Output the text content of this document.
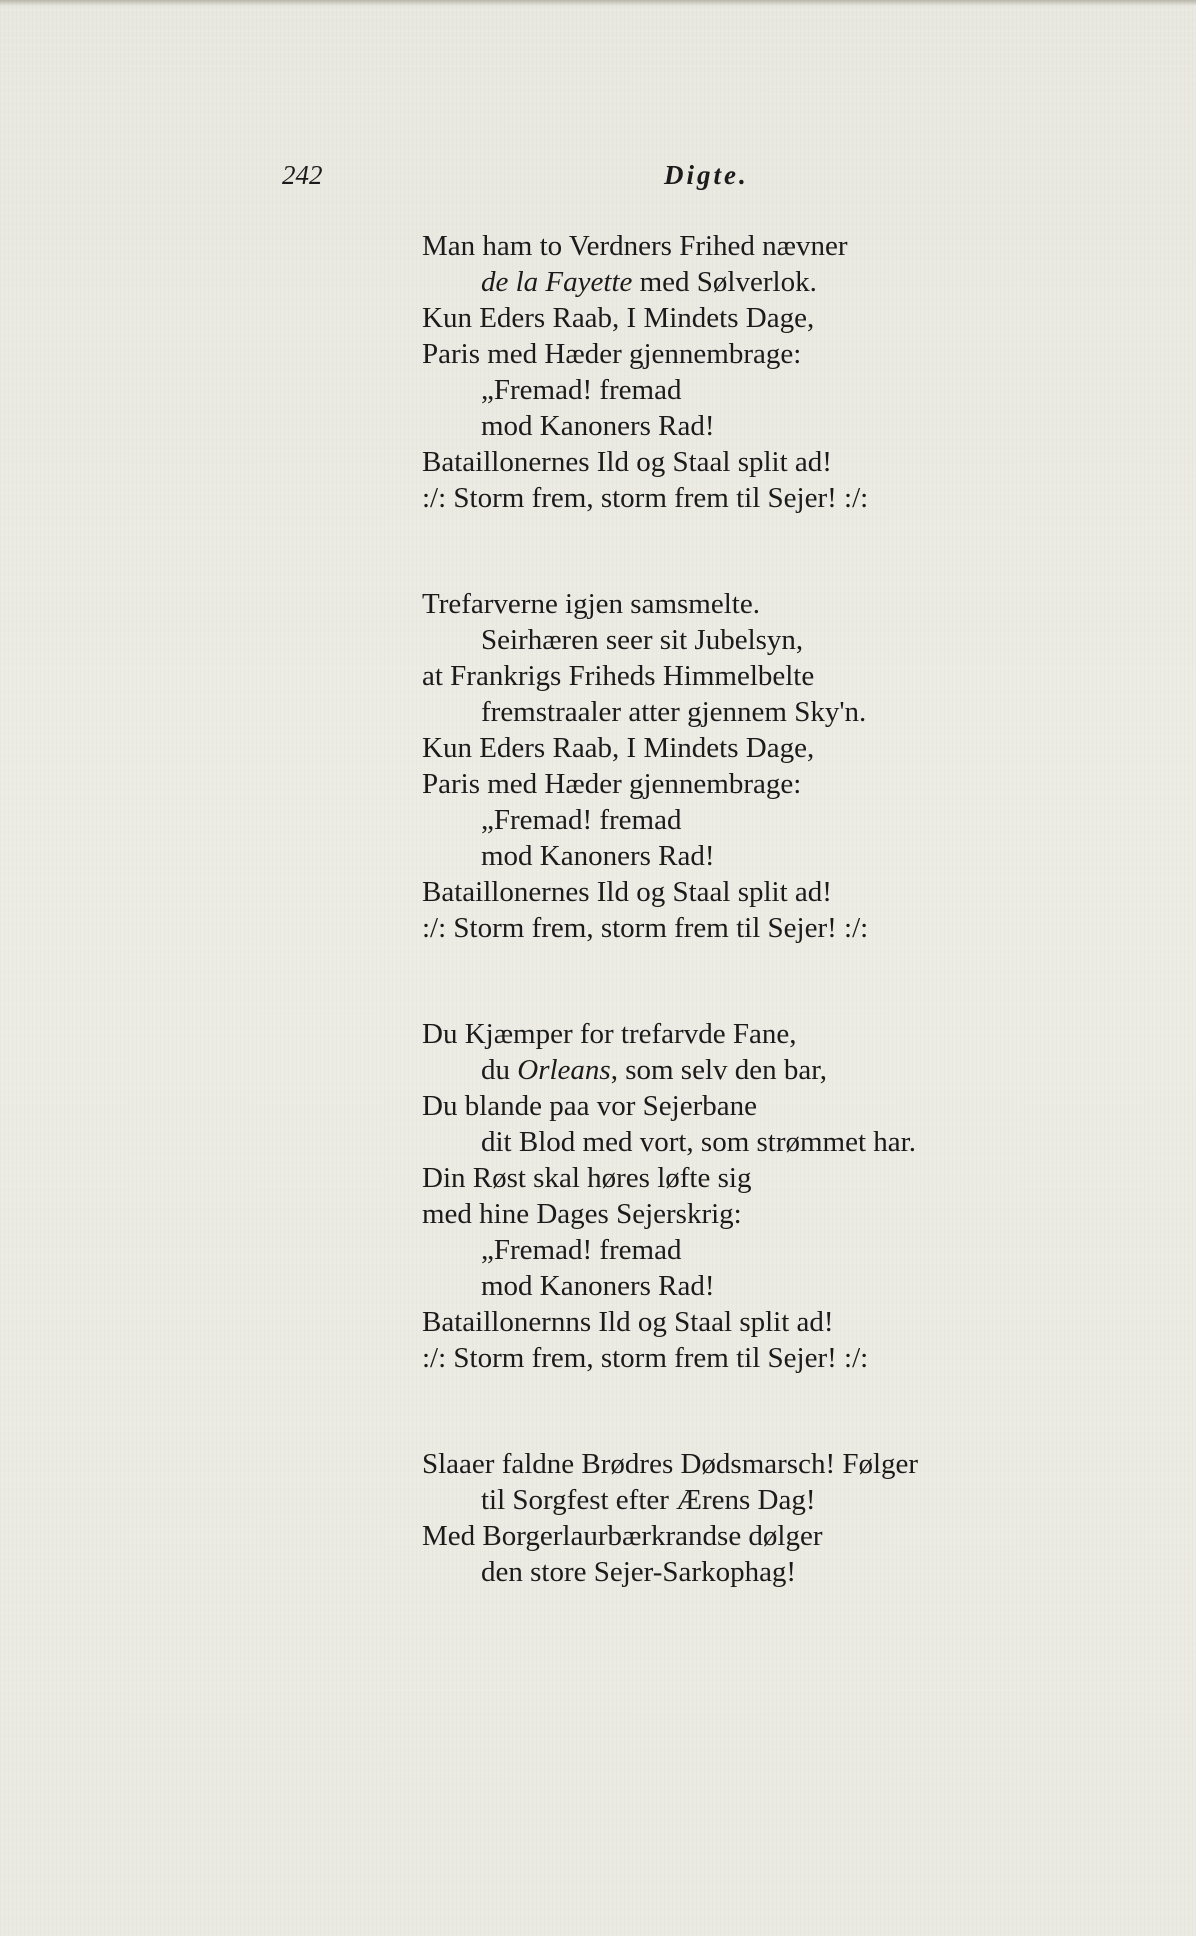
242	Digte.
Man ham to Verdners Frihed nævner
de la Fayette med Sølverlok.
Kun Eders Raab, I Mindets Dage,
Paris med Hæder gjennembrage:
„Fremad! fremad
mod Kanoners Rad!
Bataillonernes Ild og Staal split ad!
:/: Storm frem, storm frem til Sejer! :/:
Trefarverne igjen samsmelte.
Seirhæren seer sit Jubelsyn,
at Frankrigs Friheds Himmelbelte
fremstraaler atter gjennem Sky'n.
Kun Eders Raab, I Mindets Dage,
Paris med Hæder gjennembrage:
„Fremad! fremad
mod Kanoners Rad!
Bataillonernes Ild og Staal split ad!
:/: Storm frem, storm frem til Sejer! :/:
Du Kjæmper for trefarvde Fane,
du Orleans, som selv den bar,
Du blande paa vor Sejerbane
dit Blod med vort, som strømmet har.
Din Røst skal høres løfte sig
med hine Dages Sejerskrig:
„Fremad! fremad
mod Kanoners Rad!
Bataillonernns Ild og Staal split ad!
:/: Storm frem, storm frem til Sejer! :/:
Slaaer faldne Brødres Dødsmarsch! Følger
til Sorgfest efter Ærens Dag!
Med Borgerlaurbærkrandse dølger
den store Sejer-Sarkophag!
